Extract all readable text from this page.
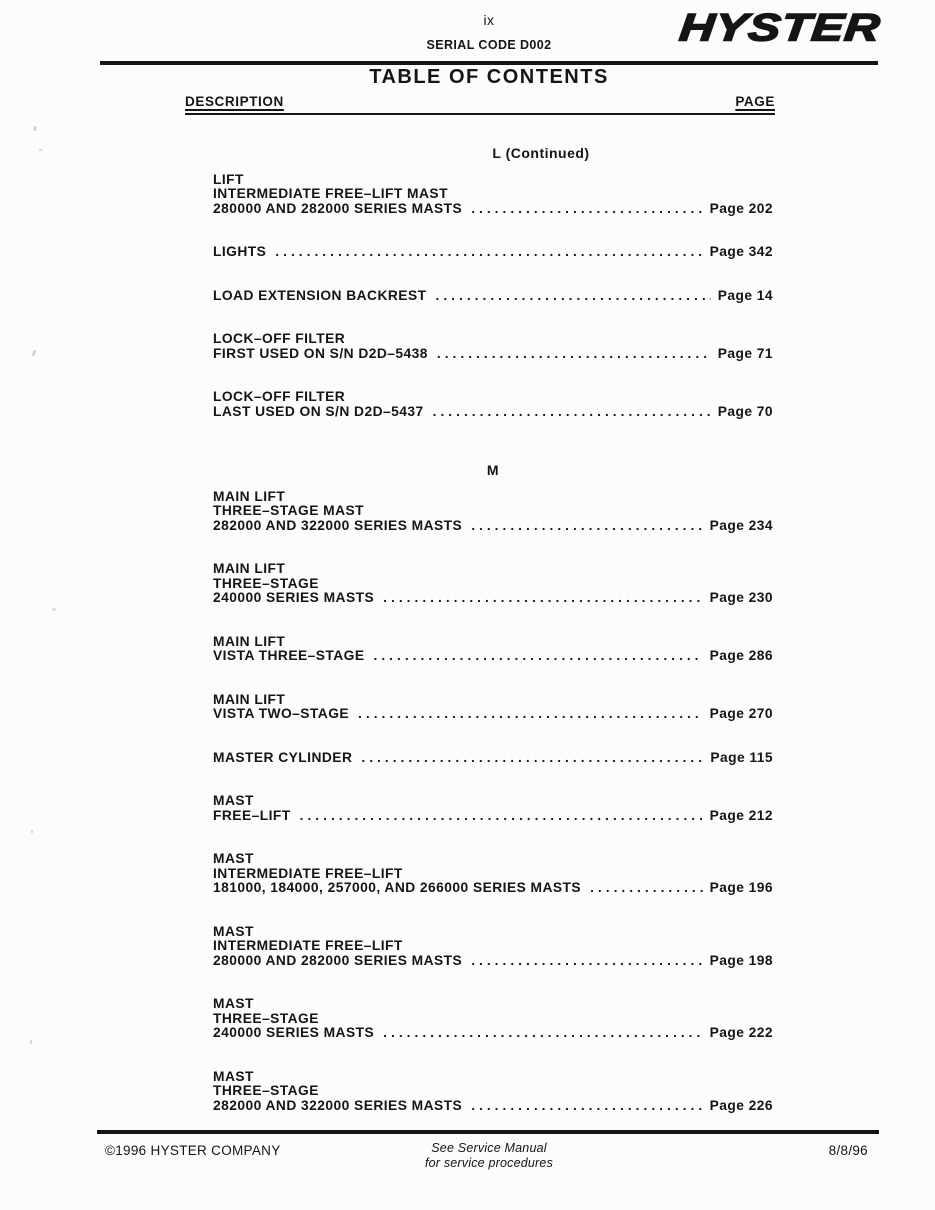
ix
SERIAL CODE D002	HYSTER
TABLE OF CONTENTS
DESCRIPTION	PAGE
L (Continued)
LIFT
INTERMEDIATE FREE–LIFT MAST
280000 AND 282000 SERIES MASTS .....	Page 202
LIGHTS .....	Page 342
LOAD EXTENSION BACKREST .....	Page 14
LOCK–OFF FILTER
FIRST USED ON S/N D2D–5438 .....	Page 71
LOCK–OFF FILTER
LAST USED ON S/N D2D–5437 .....	Page 70
M
MAIN LIFT
THREE–STAGE MAST
282000 AND 322000 SERIES MASTS .....	Page 234
MAIN LIFT
THREE–STAGE
240000 SERIES MASTS .....	Page 230
MAIN LIFT
VISTA THREE–STAGE .....	Page 286
MAIN LIFT
VISTA TWO–STAGE .....	Page 270
MASTER CYLINDER .....	Page 115
MAST
FREE–LIFT .....	Page 212
MAST
INTERMEDIATE FREE–LIFT
181000, 184000, 257000, AND 266000 SERIES MASTS .....	Page 196
MAST
INTERMEDIATE FREE–LIFT
280000 AND 282000 SERIES MASTS .....	Page 198
MAST
THREE–STAGE
240000 SERIES MASTS .....	Page 222
MAST
THREE–STAGE
282000 AND 322000 SERIES MASTS .....	Page 226
©1996 HYSTER COMPANY	See Service Manual
for service procedures
8/8/96
